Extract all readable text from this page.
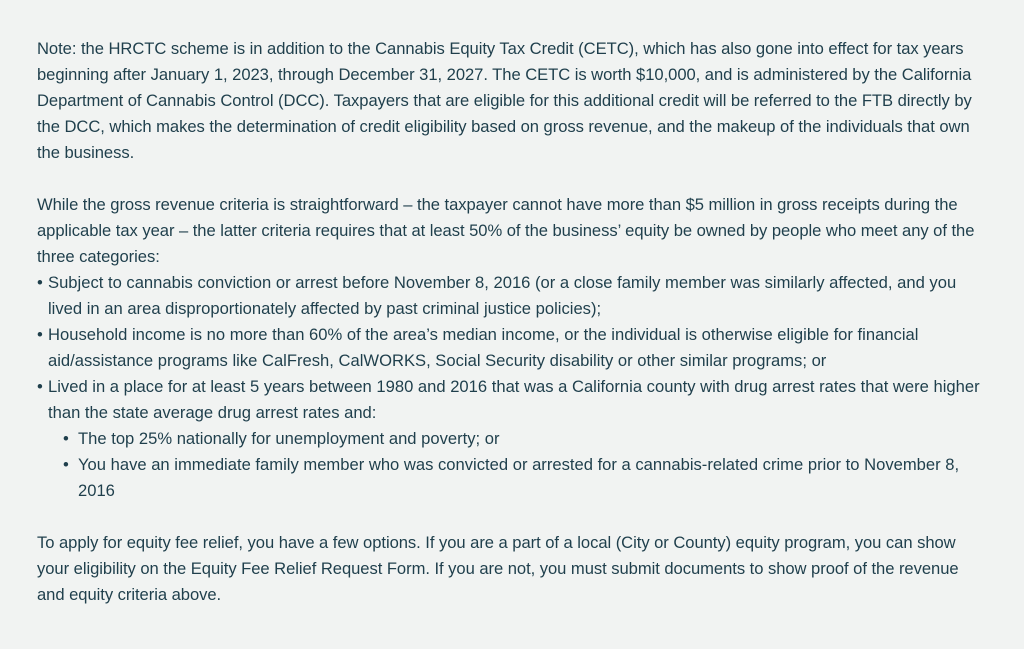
Note: the HRCTC scheme is in addition to the Cannabis Equity Tax Credit (CETC), which has also gone into effect for tax years beginning after January 1, 2023, through December 31, 2027. The CETC is worth $10,000, and is administered by the California Department of Cannabis Control (DCC). Taxpayers that are eligible for this additional credit will be referred to the FTB directly by the DCC, which makes the determination of credit eligibility based on gross revenue, and the makeup of the individuals that own the business.

While the gross revenue criteria is straightforward – the taxpayer cannot have more than $5 million in gross receipts during the applicable tax year – the latter criteria requires that at least 50% of the business’ equity be owned by people who meet any of the three categories:

• Subject to cannabis conviction or arrest before November 8, 2016 (or a close family member was similarly affected, and you lived in an area disproportionately affected by past criminal justice policies);
• Household income is no more than 60% of the area’s median income, or the individual is otherwise eligible for financial aid/assistance programs like CalFresh, CalWORKS, Social Security disability or other similar programs; or
• Lived in a place for at least 5 years between 1980 and 2016 that was a California county with drug arrest rates that were higher than the state average drug arrest rates and:
• The top 25% nationally for unemployment and poverty; or
• You have an immediate family member who was convicted or arrested for a cannabis-related crime prior to November 8, 2016

To apply for equity fee relief, you have a few options. If you are a part of a local (City or County) equity program, you can show your eligibility on the Equity Fee Relief Request Form. If you are not, you must submit documents to show proof of the revenue and equity criteria above.
